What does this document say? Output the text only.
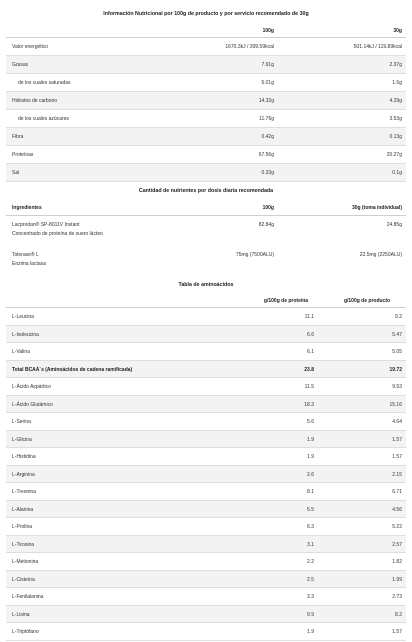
Información Nutricional por 100g de producto y por servicio recomendado de 30g
100g	30g
Valor energético	1670.3kJ / 399.59kcal	501.14kJ / 119.89kcal
Grasas	7.91g	2.37g
de los cuales saturadas	5.01g	1.5g
Hidratos de carbono	14.32g	4.29g
de los cuales azúcares	11.76g	3.53g
Fibra	0.42g	0.13g
Proteínas	67.56g	20.27g
Sal	0.33g	0.1g
Cantidad de nutrientes por dosis diaria recomendada
Ingredientes	100g	30g (toma individual)
Lacprodan® SP-8011V Instant
Concentrado de proteína de suero lácteo
82.84g	24.85g
Tolerase® L
Enzima lactasa
75mg (7500ALU)	22.5mg (2250ALU)
Tabla de aminoácidos
g/100g de proteína	g/100g de producto
L-Leucina	11.1	9.2
L-Isoleucina	6.6	5.47
L-Valina	6.1	5.05
Total BCAA´s (Aminoácidos de cadena ramificada)	23.8	19.72
L-Ácido Aspártico	11.5	9.53
L-Ácido Glutámico	18.3	15.16
L-Serina	5.6	4.64
L-Glicina	1.9	1.57
L-Histidina	1.9	1.57
L-Arginina	2.6	2.15
L-Treonina	8.1	6.71
L-Alanina	5.5	4.56
L-Prolina	6.3	5.22
L-Tirosina	3.1	2.57
L-Metionina	2.2	1.82
L-Cisteína	2.5	1.99
L-Fenilalanina	3.3	2.73
L-Lisina	9.9	8.2
L-Triptófano	1.9	1.57
